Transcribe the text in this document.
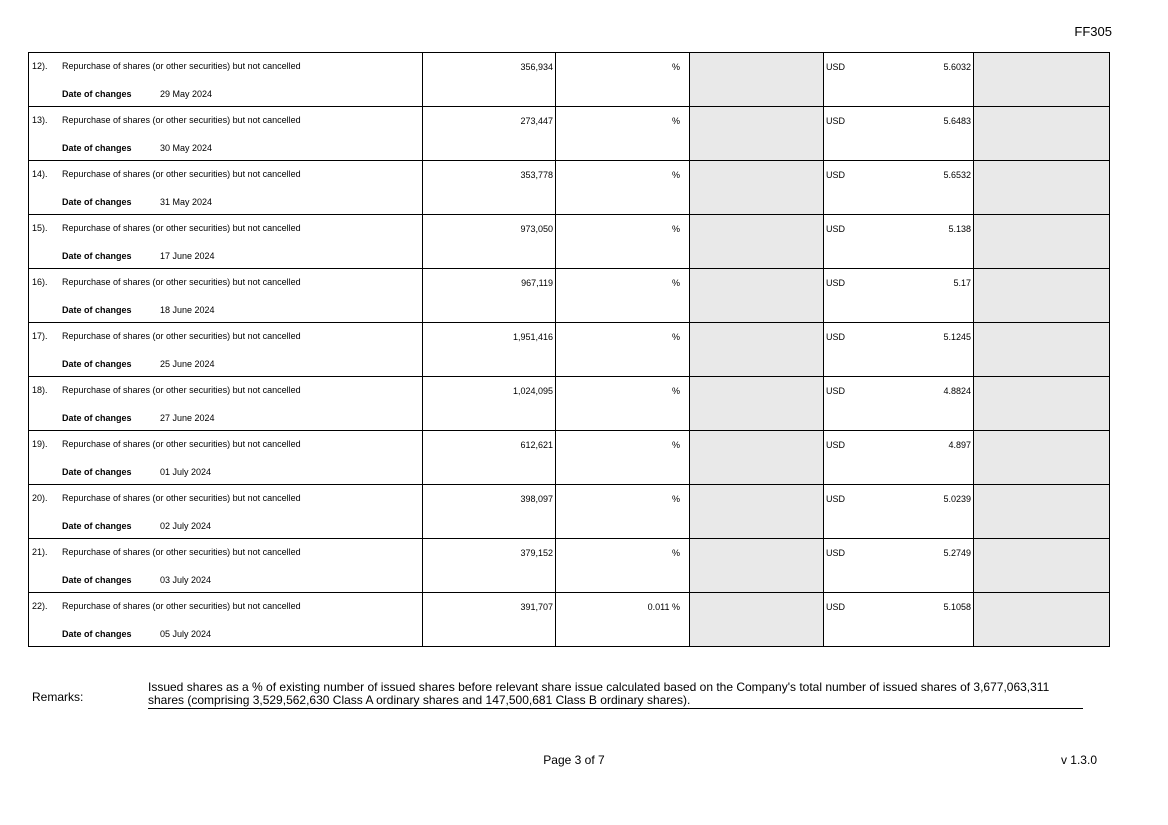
FF305
12). Repurchase of shares (or other securities) but not cancelled
Date of changes 29 May 2024	356,934	%		USD 5.6032	

13). Repurchase of shares (or other securities) but not cancelled
Date of changes 30 May 2024	273,447	%		USD 5.6483	

14). Repurchase of shares (or other securities) but not cancelled
Date of changes 31 May 2024	353,778	%		USD 5.6532	

15). Repurchase of shares (or other securities) but not cancelled
Date of changes 17 June 2024	973,050	%		USD 5.138	

16). Repurchase of shares (or other securities) but not cancelled
Date of changes 18 June 2024	967,119	%		USD 5.17	

17). Repurchase of shares (or other securities) but not cancelled
Date of changes 25 June 2024	1,951,416	%		USD 5.1245	

18). Repurchase of shares (or other securities) but not cancelled
Date of changes 27 June 2024	1,024,095	%		USD 4.8824	

19). Repurchase of shares (or other securities) but not cancelled
Date of changes 01 July 2024	612,621	%		USD 4.897	

20). Repurchase of shares (or other securities) but not cancelled
Date of changes 02 July 2024	398,097	%		USD 5.0239	

21). Repurchase of shares (or other securities) but not cancelled
Date of changes 03 July 2024	379,152	%		USD 5.2749	

22). Repurchase of shares (or other securities) but not cancelled
Date of changes 05 July 2024	391,707	0.011 %		USD 5.1058	

Remarks:
Issued shares as a % of existing number of issued shares before relevant share issue calculated based on the Company's total number of issued shares of 3,677,063,311 shares (comprising 3,529,562,630 Class A ordinary shares and 147,500,681 Class B ordinary shares).
Page 3 of 7	v 1.3.0
